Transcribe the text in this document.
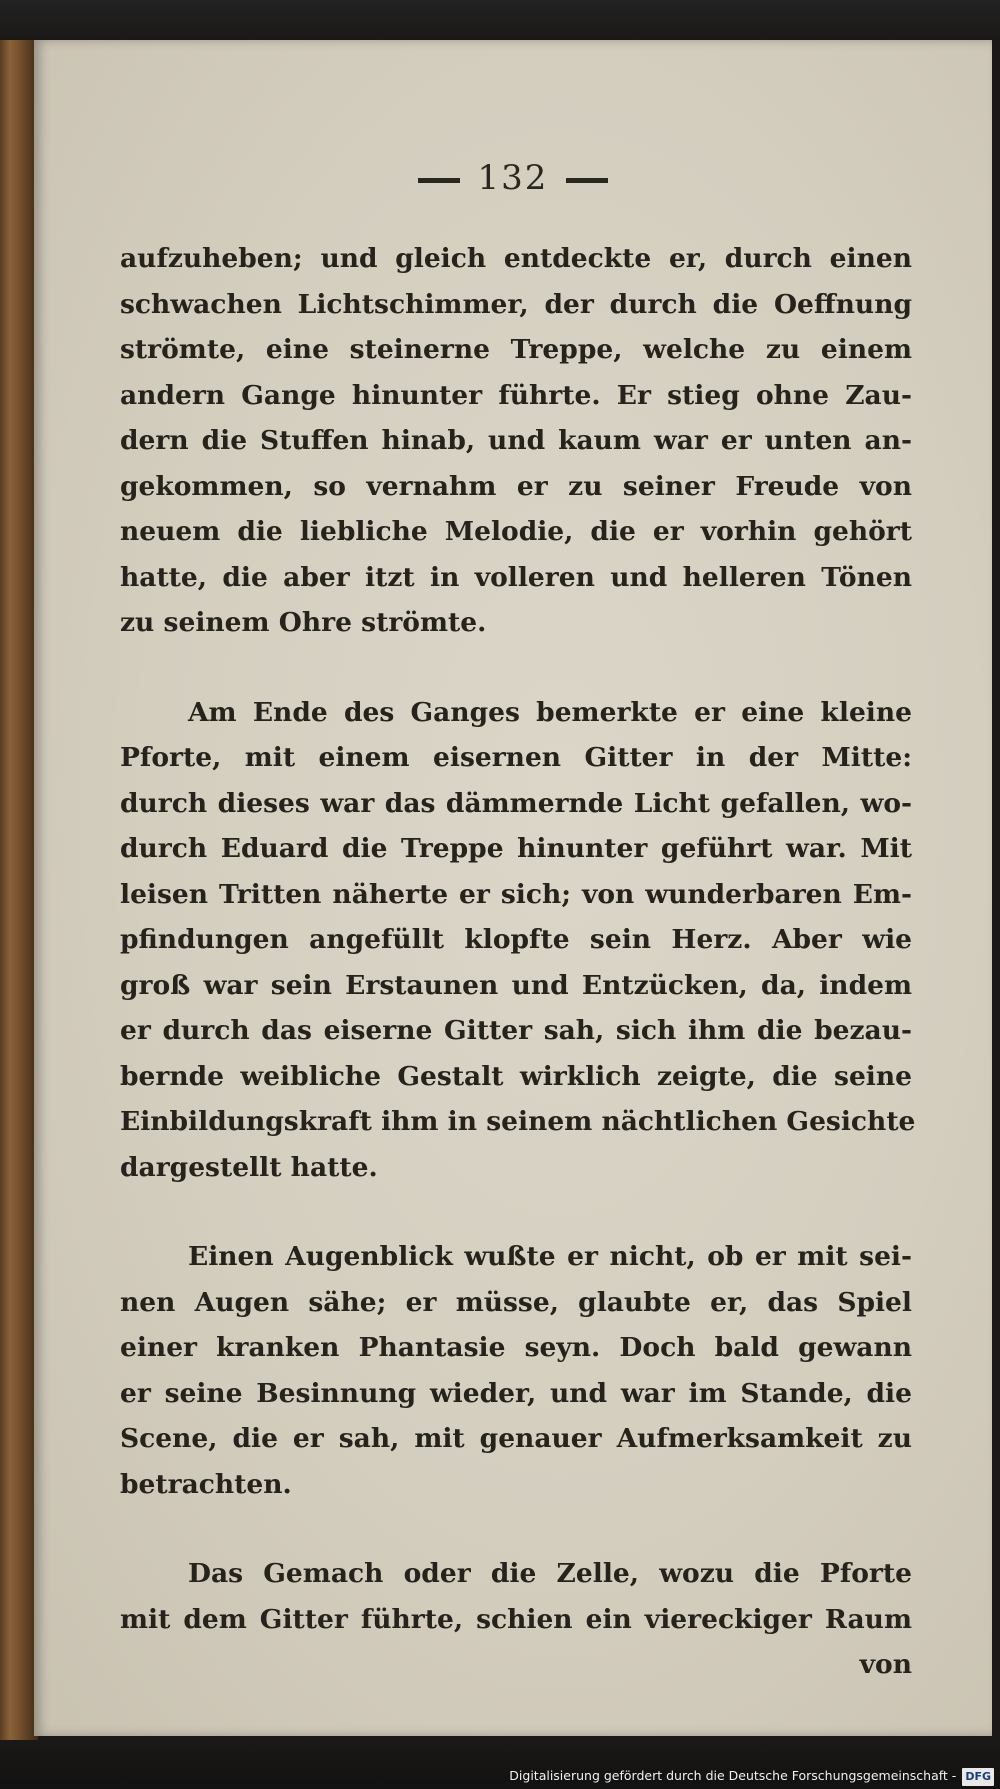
132
aufzuheben; und gleich entdeckte er, durch einen
schwachen Lichtschimmer, der durch die Oeffnung
strömte, eine steinerne Treppe, welche zu einem
andern Gange hinunter führte. Er stieg ohne Zau-
dern die Stuffen hinab, und kaum war er unten an-
gekommen, so vernahm er zu seiner Freude von
neuem die liebliche Melodie, die er vorhin gehört
hatte, die aber itzt in volleren und helleren Tönen
zu seinem Ohre strömte.
Am Ende des Ganges bemerkte er eine kleine
Pforte, mit einem eisernen Gitter in der Mitte:
durch dieses war das dämmernde Licht gefallen, wo-
durch Eduard die Treppe hinunter geführt war. Mit
leisen Tritten näherte er sich; von wunderbaren Em-
pfindungen angefüllt klopfte sein Herz. Aber wie
groß war sein Erstaunen und Entzücken, da, indem
er durch das eiserne Gitter sah, sich ihm die bezau-
bernde weibliche Gestalt wirklich zeigte, die seine
Einbildungskraft ihm in seinem nächtlichen Gesichte
dargestellt hatte.
Einen Augenblick wußte er nicht, ob er mit sei-
nen Augen sähe; er müsse, glaubte er, das Spiel
einer kranken Phantasie seyn. Doch bald gewann
er seine Besinnung wieder, und war im Stande, die
Scene, die er sah, mit genauer Aufmerksamkeit zu
betrachten.
Das Gemach oder die Zelle, wozu die Pforte
mit dem Gitter führte, schien ein viereckiger Raum
von
Digitalisierung gefördert durch die Deutsche Forschungsgemeinschaft - DFG
